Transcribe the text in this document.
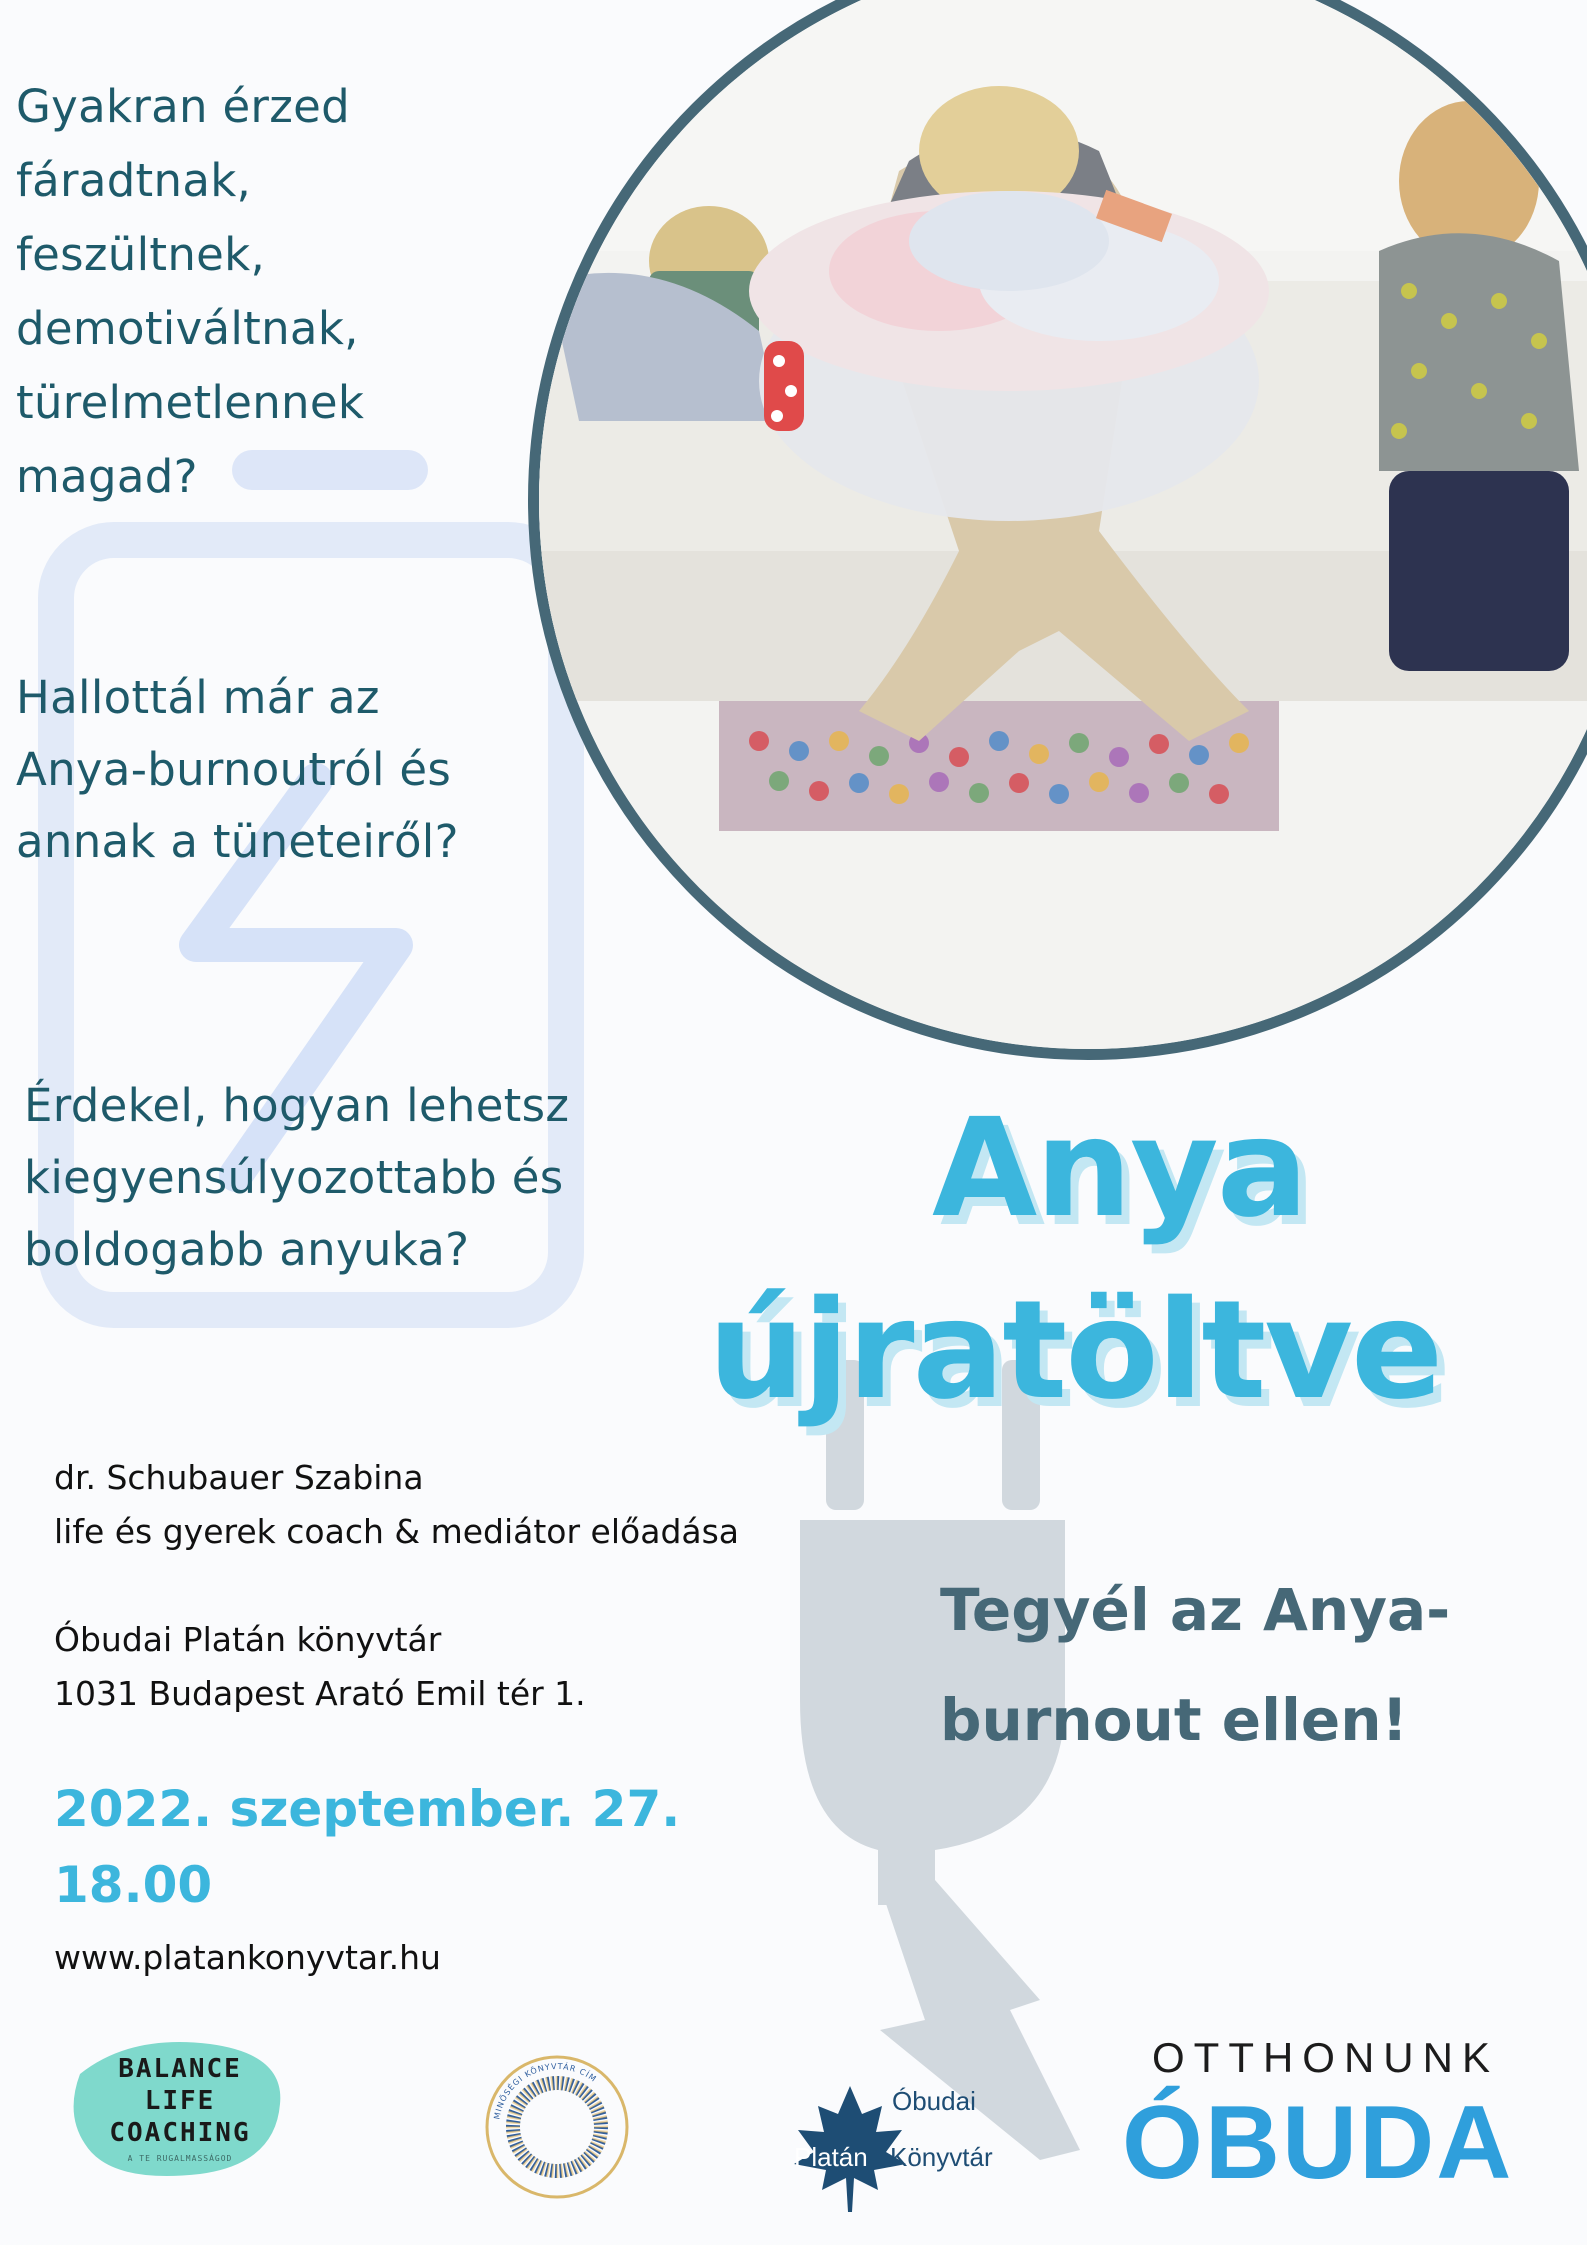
Gyakran érzed
fáradtnak,
feszültnek,
demotiváltnak,
türelmetlennek
magad?
Hallottál már az
Anya-burnoutról és
annak a tüneteiről?
Érdekel, hogyan lehetsz
kiegyensúlyozottabb és
boldogabb anyuka?
Anya
újratöltve
Tegyél az Anya-
burnout ellen!
dr. Schubauer Szabina
life és gyerek coach & mediátor előadása
Óbudai Platán könyvtár
1031 Budapest Arató Emil tér 1.
2022. szeptember. 27.
18.00
www.platankonyvtar.hu
BALANCE
LIFE
COACHING
A TE RUGALMASSÁGOD
MINŐSÉGI KÖNYVTÁR CÍM
Óbudai
Platán Könyvtár
OTTHONUNK
ÓBUDA
